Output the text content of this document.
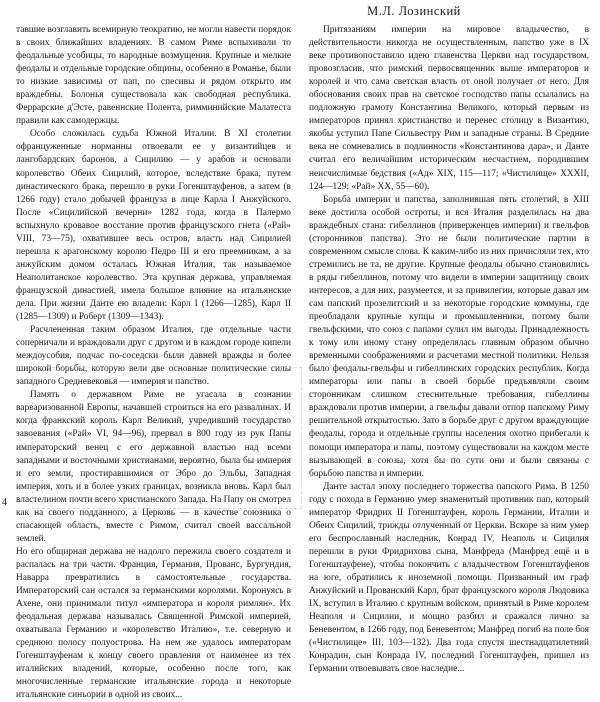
М.Л. Лозинский

тавшие возглавить всемирную теократию, не могли навести порядок в своих ближайших владениях. В самом Риме вспыхивали то феодальные усобицы, то народные возмущения. Крупные и мелкие феодалы и отдельные городские общины, особенно в Романье, были то низкие зависимы от пап, по спесивы и рядом открыто им враждебны. Болонья существовала как свободная республика. Феррарские д'Эсте, равеннские Полента, римминийские Малатеста правили как самодержцы.

Особо сложилась судьба Южной Италии. В XI столетии офранцуженные норманны отвоевали ее у византийцев и лангобардских баронов, а Сицилию — у арабов и основали королевство Обеих Сицилий, которое, вследствие брака, путем династического брака, перешло в руки Гогенштауфенов, а затем (в 1266 году) стало добычей француза в лице Карла I Анжуйского. После «Сицилийской вечерни» 1282 года, когда в Палермо вспыхнуло кровавое восстание против французского гнета («Рай» VIII, 73—75), охватившее весь остров, власть над Сицилией перешла к арагонскому королю Педро III и его преемникам, а за анжуйским домом осталась Южная Италия, так называемое Неаполитанское королевство. Эта крупная держава, управляемая французской династией, имела большое влияние на итальянские дела. При жизни Данте ею владели: Карл I (1266—1285), Карл II (1285—1309) и Роберт (1309—1343).

Расчлененная таким образом Италия, где отдельные части соперничали и враждовали друг с другом и в каждом городе кипели междоусобия, подчас по-соседски были давней вражды и более широкой борьбы, которую вели две основные политические силы западного Средневековья — империя и папство.

Память о державном Риме не угасала в сознании варваризованной Европы, начавшей строиться на его развалинах. И когда франкский король Карл Великий, учредивший государство завоевания («Рай» VI, 94—96), прервал в 800 году из рук Папы императорский венец с его державной властью над всеми западными и восточными христианами, вероятно, была бы империя и его земли, простиравшимися от Эбро до Эльбы, Западная империя, хоть и в более узких границах, возникла вновь. Карл был властелином почти всего христианского Запада. На Папу он смотрел как на своего подданного, а Церковь — в качестве союзника о спасающей область, вместе с Римом, считал своей вассальной землей.

Но его общирная держава не надолго пережила своего создателя и распалась на три части. Франция, Германия, Прованс, Бургундия, Наварра превратились в самостоятельные государства. Императорский сан остался за германскими королями. Коронуясь в Ахене, они принимали титул «императора и короля римлян». Их феодальная держава называлась Священной Римской империей, охватывала Германию и «королевство Италию», т.е. северную и среднюю полосу полуострова. На нем же удалось императорам Гогенштауфенам к концу своего правления от наименее из тех италийских владений, которые, особенно после того, как многочисленные германские итальянские города и некоторые итальянские синьории в одной из своих...

Притязаниям империи на мировое владычество, в действительности никогда не осуществленным, папство уже в IX веке противопоставило идею главенства Церкви над государством, провозгласив, что римский первосвященник выше императоров и королей и что сама светская власть от оной получает от него. Для обоснования своих прав на светское господство папы ссылались на подложную грамоту Константина Великого, который первым из императоров принял христианство и перенес столицу в Византию, якобы уступил Папе Сильвестру Рим и западные страны. В Средние века не сомневались в подлинности «Константинова дара», и Данте считал его величайшим историческим несчастием, породившим неисчислимые бедствия («Ад» XIX, 115—117; «Чистилище» XXXII, 124—129; «Рай» XX, 55—60).

Борьба империи и папства, заполнившая пять столетий, в XIII веке достигла особой остроты, и вся Италия разделилась на два враждебных стана: гибеллинов (приверженцев империи) и гвельфов (сторонников папства). Это не были политические партии в современном смысле слова. К каким-либо из них причисляли тех, кто стремились не та, не другие. Крупные феодалы обычно становились в ряды гибеллинов, потому что видели в империи защитницу своих интересов, а для них, разумеется, и за привилегии, которые давал им сам папский прозелитский и за некоторые городские коммуны, где преобладали крупные купцы и промышленники, потому были гвельфскими, что союз с папами сулил им выгоды. Принадлежность к тому или иному стану определялась главным образом обычно временными соображениями и расчетами местной политики. Нельзя было феодалы-гвельфы и гибеллинских городских республик. Когда императоры или папы в своей борьбе предъявляли своим сторонникам слишком стеснительные требования, гибеллины враждовали против империи, а гвельфы давали отпор папскому Риму решительной открытостью. Зато в борьбе друг с другом враждующие феодалы, города и отдельные группы населения охотно прибегали к помощи императора и папы, поэтому существовали на каждом месте вызывающей в союзы, хотя бы по сути они и были связаны с борьбою папства и империи.

Данте застал эпоху последнего торжества папского Рима. В 1250 году с похода в Германию умер знаменитый противник пап, который император Фридрих II Гогенштауфен, король Германии, Италии и Обеих Сицилий, трижды отлученный от Церкви. Вскоре за ним умер его беспрославный наследник, Конрад IV, Неаполь и Сицилия перешли в руки Фридрихова сына, Манфреда (Манфред ещё и в Гогенштауфене), чтобы покончить с владычеством Гогенштауфенов на юге, обратились к иноземной помощи. Призванный им граф Анжуйский и Прованский Карл, брат французского короля Людовика IX, вступил в Италию с крупным войском, принятый в Риме королем Неаполя и Сицилии, и мощно разбил и сражался лично за Беневентом, в 1266 году, под Беневентом; Манфред погиб на поле боя («Чистилище» III, 103—132). Два года спустя шестнадцатилетний Конрадин, сын Конрада IV, последний Гогенштауфен, пришел из Германии отвоевывать свое наследие...

4
